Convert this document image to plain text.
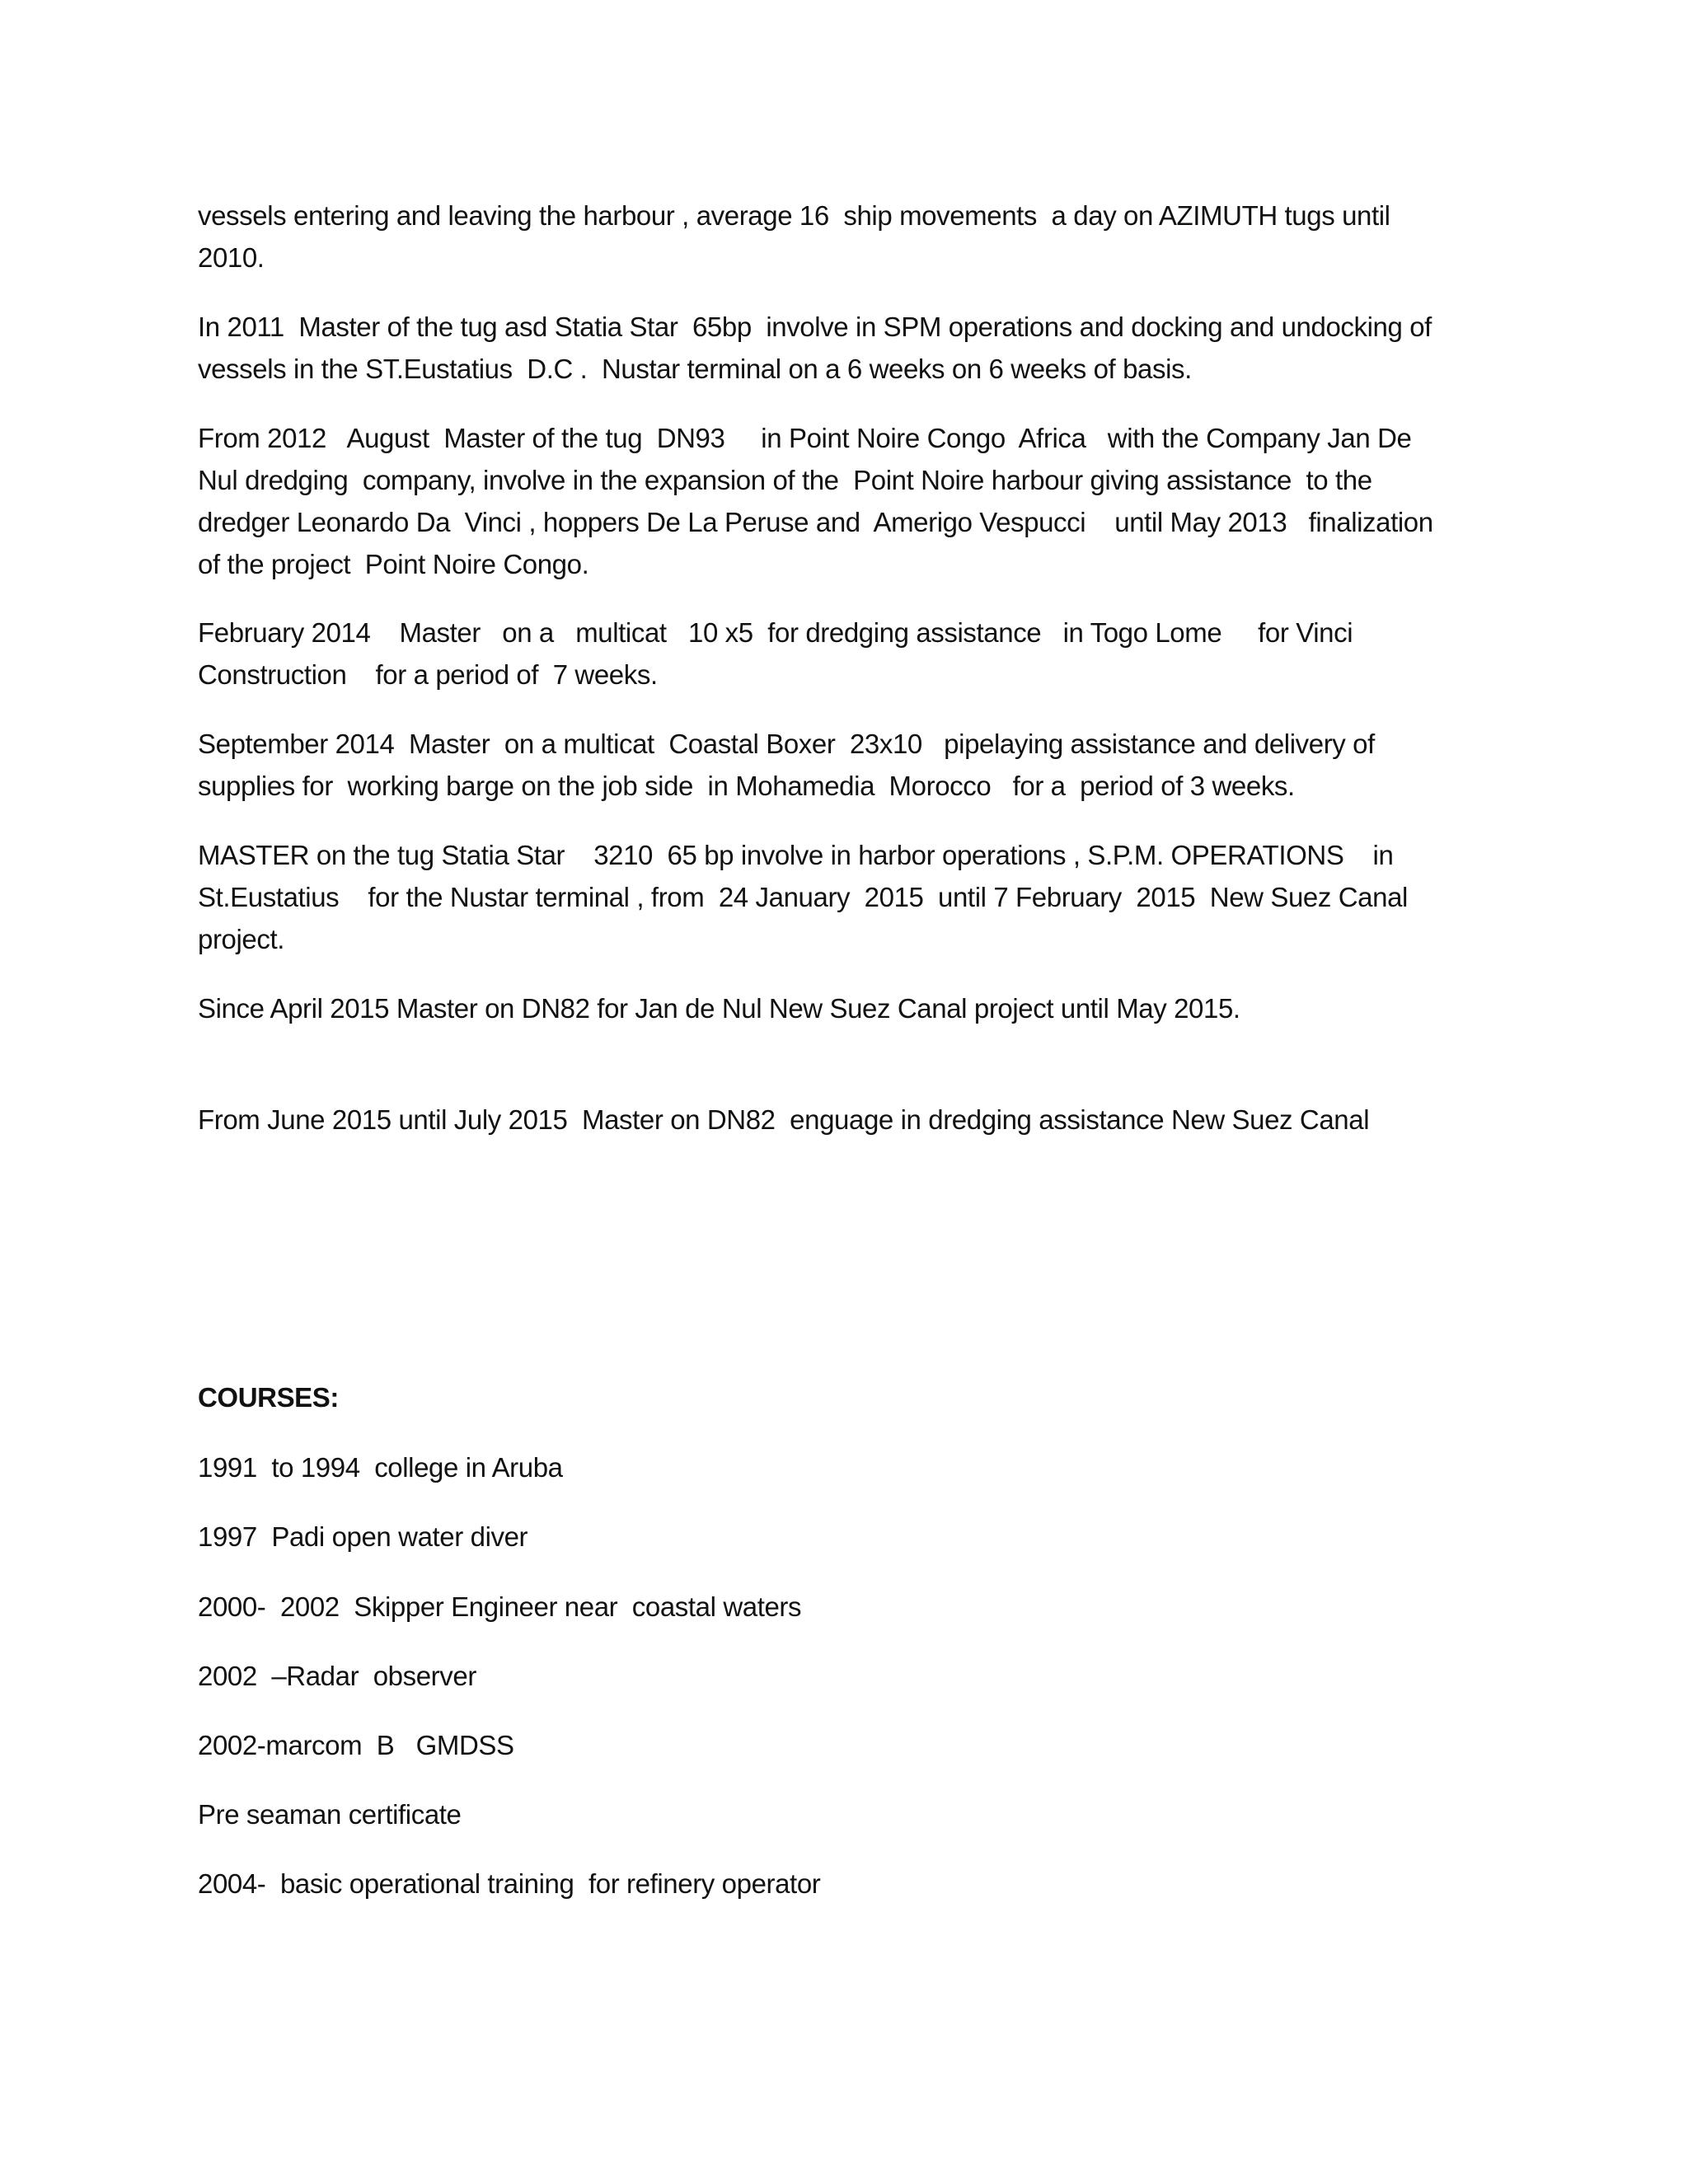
vessels entering and leaving the harbour , average 16  ship movements  a day on AZIMUTH tugs until
2010.

In 2011  Master of the tug asd Statia Star  65bp  involve in SPM operations and docking and undocking of
vessels in the ST.Eustatius  D.C .  Nustar terminal on a 6 weeks on 6 weeks of basis.

From 2012   August  Master of the tug  DN93     in Point Noire Congo  Africa   with the Company Jan De
Nul dredging  company, involve in the expansion of the  Point Noire harbour giving assistance  to the
dredger Leonardo Da  Vinci , hoppers De La Peruse and  Amerigo Vespucci    until May 2013   finalization
of the project  Point Noire Congo.

February 2014    Master   on a   multicat   10 x5  for dredging assistance   in Togo Lome     for Vinci
Construction    for a period of  7 weeks.

September 2014  Master  on a multicat  Coastal Boxer  23x10   pipelaying assistance and delivery of
supplies for  working barge on the job side  in Mohamedia  Morocco   for a  period of 3 weeks.

MASTER on the tug Statia Star    3210  65 bp involve in harbor operations , S.P.M. OPERATIONS    in
St.Eustatius    for the Nustar terminal , from  24 January  2015  until 7 February  2015  New Suez Canal
project.

Since April 2015 Master on DN82 for Jan de Nul New Suez Canal project until May 2015.

From June 2015 until July 2015  Master on DN82  enguage in dredging assistance New Suez Canal

COURSES:

1991  to 1994  college in Aruba

1997  Padi open water diver

2000-  2002  Skipper Engineer near  coastal waters

2002  –Radar  observer

2002-marcom  B   GMDSS

Pre seaman certificate

2004-  basic operational training  for refinery operator
